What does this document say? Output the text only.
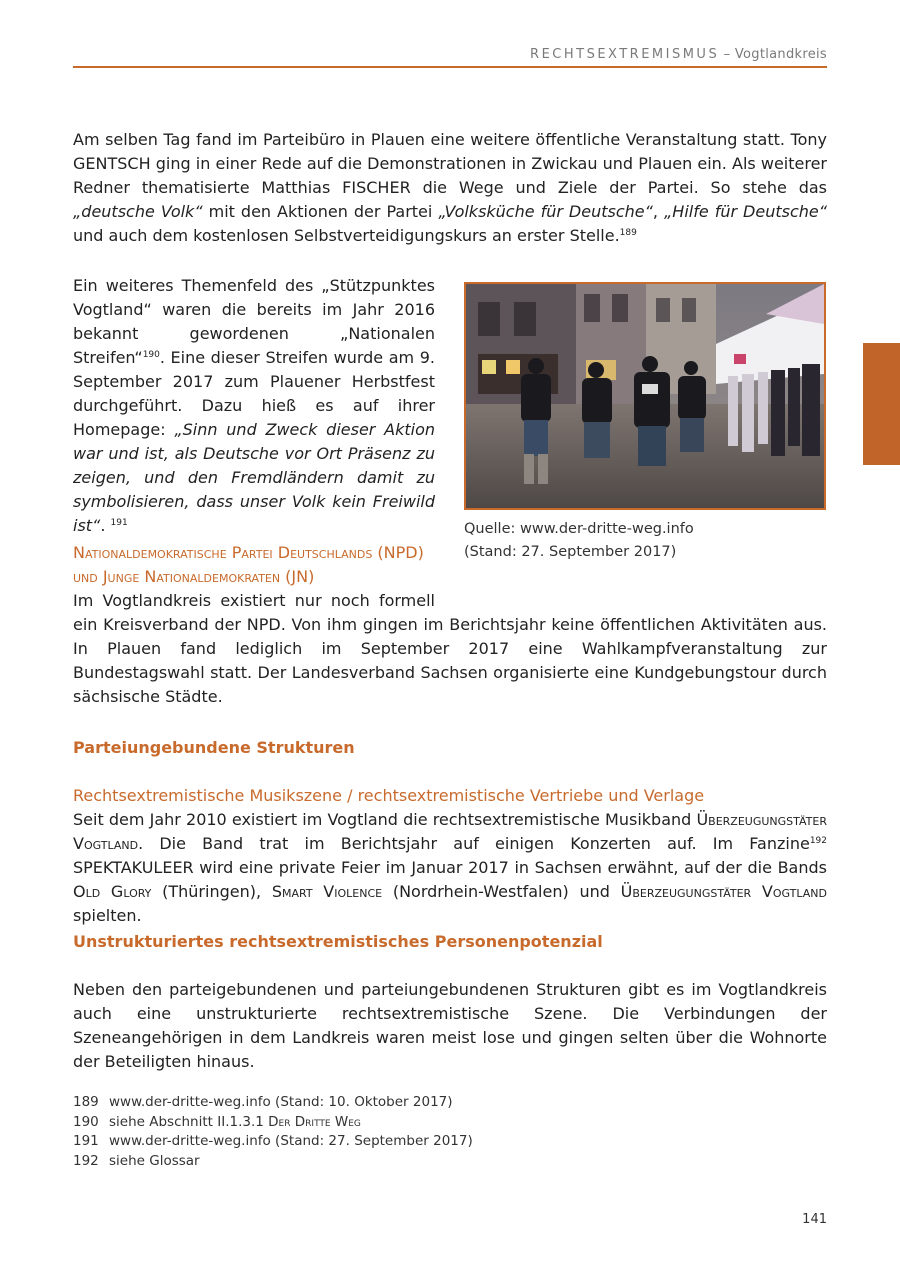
RECHTSEXTREMISMUS – Vogtlandkreis

Am selben Tag fand im Parteibüro in Plauen eine weitere öffentliche Veranstaltung statt. Tony GENTSCH ging in einer Rede auf die Demonstrationen in Zwickau und Plauen ein. Als weiterer Redner thematisierte Matthias FISCHER die Wege und Ziele der Partei. So stehe das „deutsche Volk“ mit den Aktionen der Partei „Volksküche für Deutsche“, „Hilfe für Deutsche“ und auch dem kostenlosen Selbstverteidigungskurs an erster Stelle.$^{189}$

Ein weiteres Themenfeld des „Stützpunktes Vogtland“ waren die bereits im Jahr 2016 bekannt gewordenen „Nationalen Streifen“$^{190}$. Eine dieser Streifen wurde am 9. September 2017 zum Plauener Herbstfest durchgeführt. Dazu hieß es auf ihrer Homepage: „Sinn und Zweck dieser Aktion war und ist, als Deutsche vor Ort Präsenz zu zeigen, und den Fremdländern damit zu symbolisieren, dass unser Volk kein Freiwild ist“. $^{191}$	Quelle: www.der-dritte-weg.info
(Stand: 27. September 2017)
Nationaldemokratische Partei Deutschlands (NPD)
und Junge Nationaldemokraten (JN)
Im Vogtlandkreis existiert nur noch formell

ein Kreisverband der NPD. Von ihm gingen im Berichtsjahr keine öffentlichen Aktivitäten aus. In Plauen fand lediglich im September 2017 eine Wahlkampfveranstaltung zur Bundestagswahl statt. Der Landesverband Sachsen organisierte eine Kundgebungstour durch sächsische Städte.

Parteiungebundene Strukturen
Rechtsextremistische Musikszene / rechtsextremistische Vertriebe und Verlage

Seit dem Jahr 2010 existiert im Vogtland die rechtsextremistische Musikband Überzeugungstäter Vogtland. Die Band trat im Berichtsjahr auf einigen Konzerten auf. Im Fanzine$^{192}$ SPEKTAKULEER wird eine private Feier im Januar 2017 in Sachsen erwähnt, auf der die Bands Old Glory (Thüringen), Smart Violence (Nordrhein-Westfalen) und Überzeugungstäter Vogtland spielten.

Unstrukturiertes rechtsextremistisches Personenpotenzial

Neben den parteigebundenen und parteiungebundenen Strukturen gibt es im Vogtlandkreis auch eine unstrukturierte rechtsextremistische Szene. Die Verbindungen der Szeneangehörigen in dem Landkreis waren meist lose und gingen selten über die Wohnorte der Beteiligten hinaus.

189 www.der-dritte-weg.info (Stand: 10. Oktober 2017)
190 siehe Abschnitt II.1.3.1 Der Dritte Weg
191 www.der-dritte-weg.info (Stand: 27. September 2017)
192 siehe Glossar
141
